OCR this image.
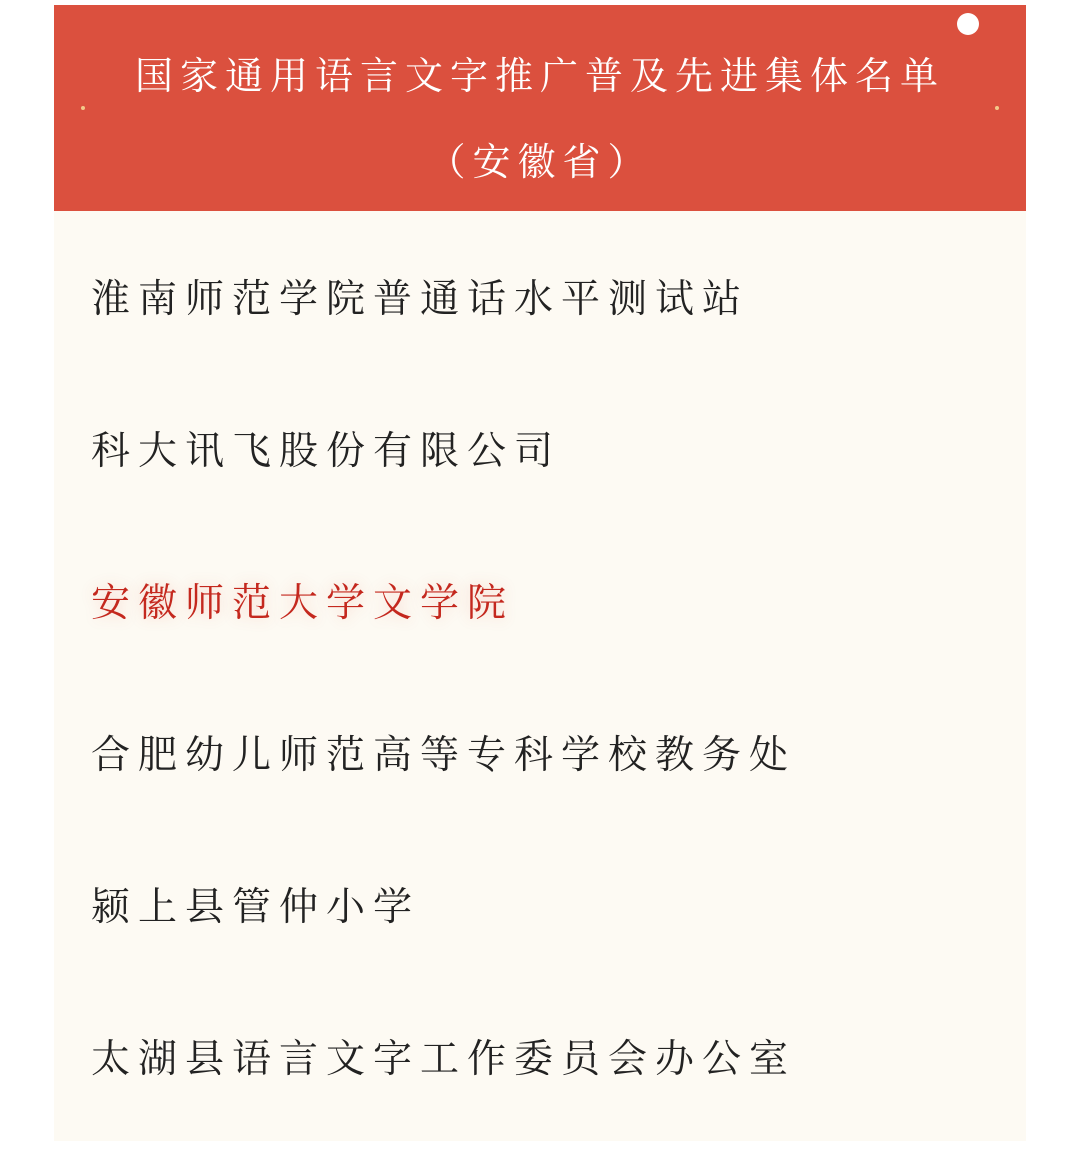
国家通用语言文字推广普及先进集体名单
（安徽省）
淮南师范学院普通话水平测试站
科大讯飞股份有限公司
安徽师范大学文学院
合肥幼儿师范高等专科学校教务处
颍上县管仲小学
太湖县语言文字工作委员会办公室
